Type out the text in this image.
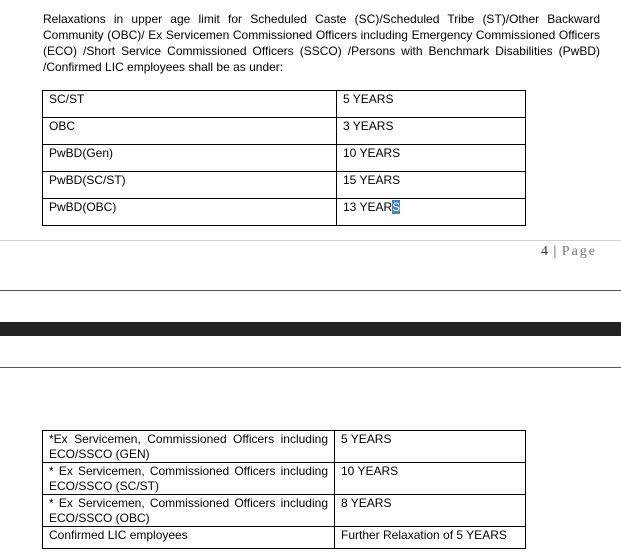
Relaxations in upper age limit for Scheduled Caste (SC)/Scheduled Tribe (ST)/Other Backward Community (OBC)/ Ex Servicemen Commissioned Officers including Emergency Commissioned Officers (ECO) /Short Service Commissioned Officers (SSCO) /Persons with Benchmark Disabilities (PwBD) /Confirmed LIC employees shall be as under:

SC/ST	5 YEARS
OBC	3 YEARS
PwBD(Gen)	10 YEARS
PwBD(SC/ST)	15 YEARS
PwBD(OBC)	13 YEARS
4 | Page
*Ex Servicemen, Commissioned Officers including ECO/SSCO (GEN)	5 YEARS
* Ex Servicemen, Commissioned Officers including ECO/SSCO (SC/ST)	10 YEARS
* Ex Servicemen, Commissioned Officers including ECO/SSCO (OBC)	8 YEARS
Confirmed LIC employees	Further Relaxation of 5 YEARS
